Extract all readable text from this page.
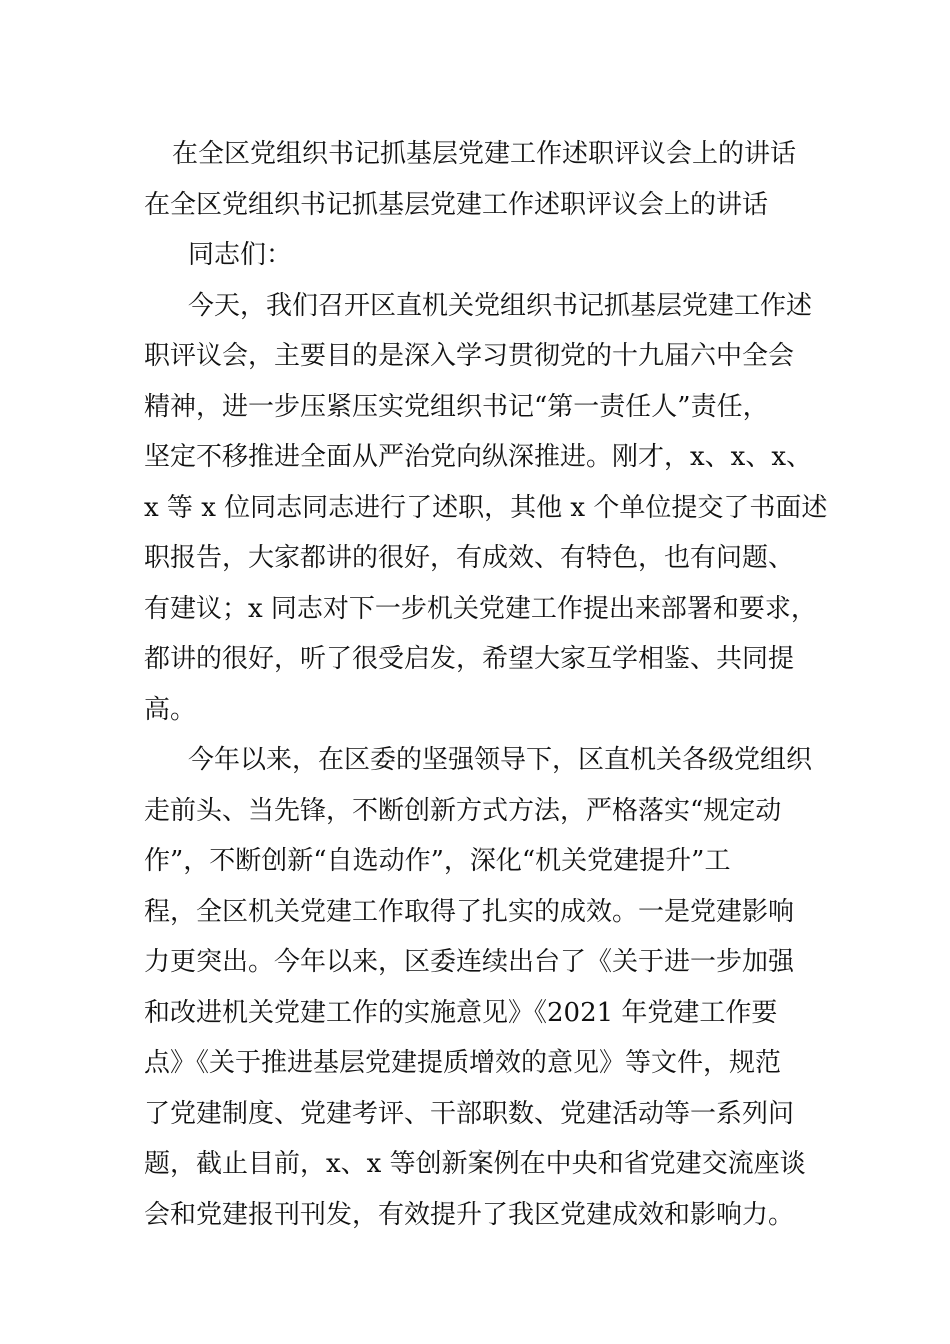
在全区党组织书记抓基层党建工作述职评议会上的讲话
在全区党组织书记抓基层党建工作述职评议会上的讲话
同志们：
今天，我们召开区直机关党组织书记抓基层党建工作述
职评议会，主要目的是深入学习贯彻党的十九届六中全会
精神，进一步压紧压实党组织书记“第一责任人”责任，
坚定不移推进全面从严治党向纵深推进。刚才，x、x、x、
x 等 x 位同志同志进行了述职，其他 x 个单位提交了书面述
职报告，大家都讲的很好，有成效、有特色，也有问题、
有建议；x 同志对下一步机关党建工作提出来部署和要求，
都讲的很好，听了很受启发，希望大家互学相鉴、共同提
高。
今年以来，在区委的坚强领导下，区直机关各级党组织
走前头、当先锋，不断创新方式方法，严格落实“规定动
作”，不断创新“自选动作”，深化“机关党建提升”工
程，全区机关党建工作取得了扎实的成效。一是党建影响
力更突出。今年以来，区委连续出台了《关于进一步加强
和改进机关党建工作的实施意见》《2021 年党建工作要
点》《关于推进基层党建提质增效的意见》等文件，规范
了党建制度、党建考评、干部职数、党建活动等一系列问
题，截止目前，x、x 等创新案例在中央和省党建交流座谈
会和党建报刊刊发，有效提升了我区党建成效和影响力。
